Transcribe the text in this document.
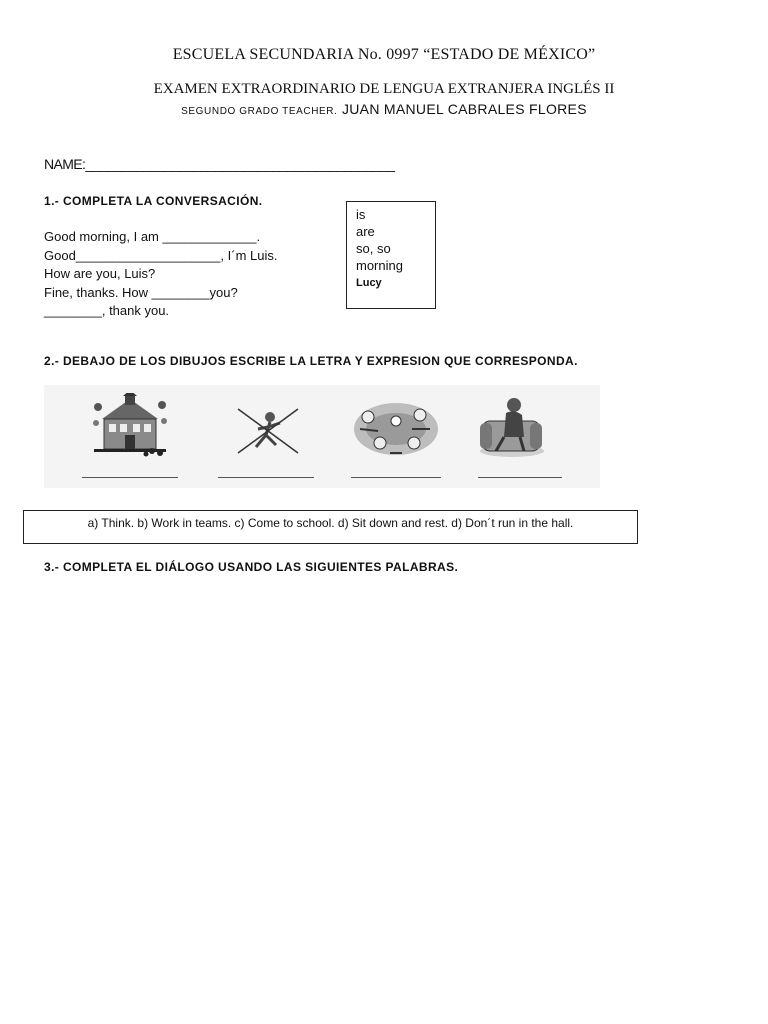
ESCUELA SECUNDARIA No. 0997 “ESTADO DE MÉXICO”
EXAMEN EXTRAORDINARIO DE LENGUA EXTRANJERA INGLÉS II
SEGUNDO GRADO TEACHER. JUAN MANUEL CABRALES FLORES
NAME:___________________________________________
1.- COMPLETA LA CONVERSACIÓN.
Good morning, I am _____________.
Good____________________, I´m Luis.
How are you, Luis?
Fine, thanks. How ________you?
________, thank you.
is
are
so, so
morning
Lucy
2.- DEBAJO DE LOS DIBUJOS ESCRIBE LA LETRA Y EXPRESION QUE CORRESPONDA.
a) Think. b) Work in teams. c) Come to school. d) Sit down and rest. d) Don´t run in the hall.
3.- COMPLETA EL DIÁLOGO USANDO LAS SIGUIENTES PALABRAS.
